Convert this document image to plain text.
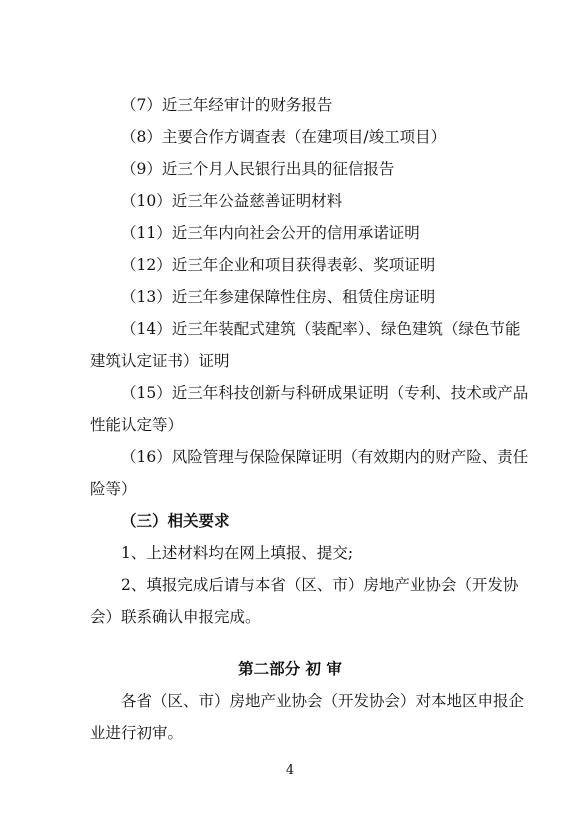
（7）近三年经审计的财务报告
（8）主要合作方调查表（在建项目/竣工项目）
（9）近三个月人民银行出具的征信报告
（10）近三年公益慈善证明材料
（11）近三年内向社会公开的信用承诺证明
（12）近三年企业和项目获得表彰、奖项证明
（13）近三年参建保障性住房、租赁住房证明
（14）近三年装配式建筑（装配率）、绿色建筑（绿色节能
建筑认定证书）证明
（15）近三年科技创新与科研成果证明（专利、技术或产品
性能认定等）
（16）风险管理与保险保障证明（有效期内的财产险、责任
险等）
（三）相关要求
1、上述材料均在网上填报、提交;
2、填报完成后请与本省（区、市）房地产业协会（开发协
会）联系确认申报完成。
第二部分 初 审
各省（区、市）房地产业协会（开发协会）对本地区申报企
业进行初审。
4
